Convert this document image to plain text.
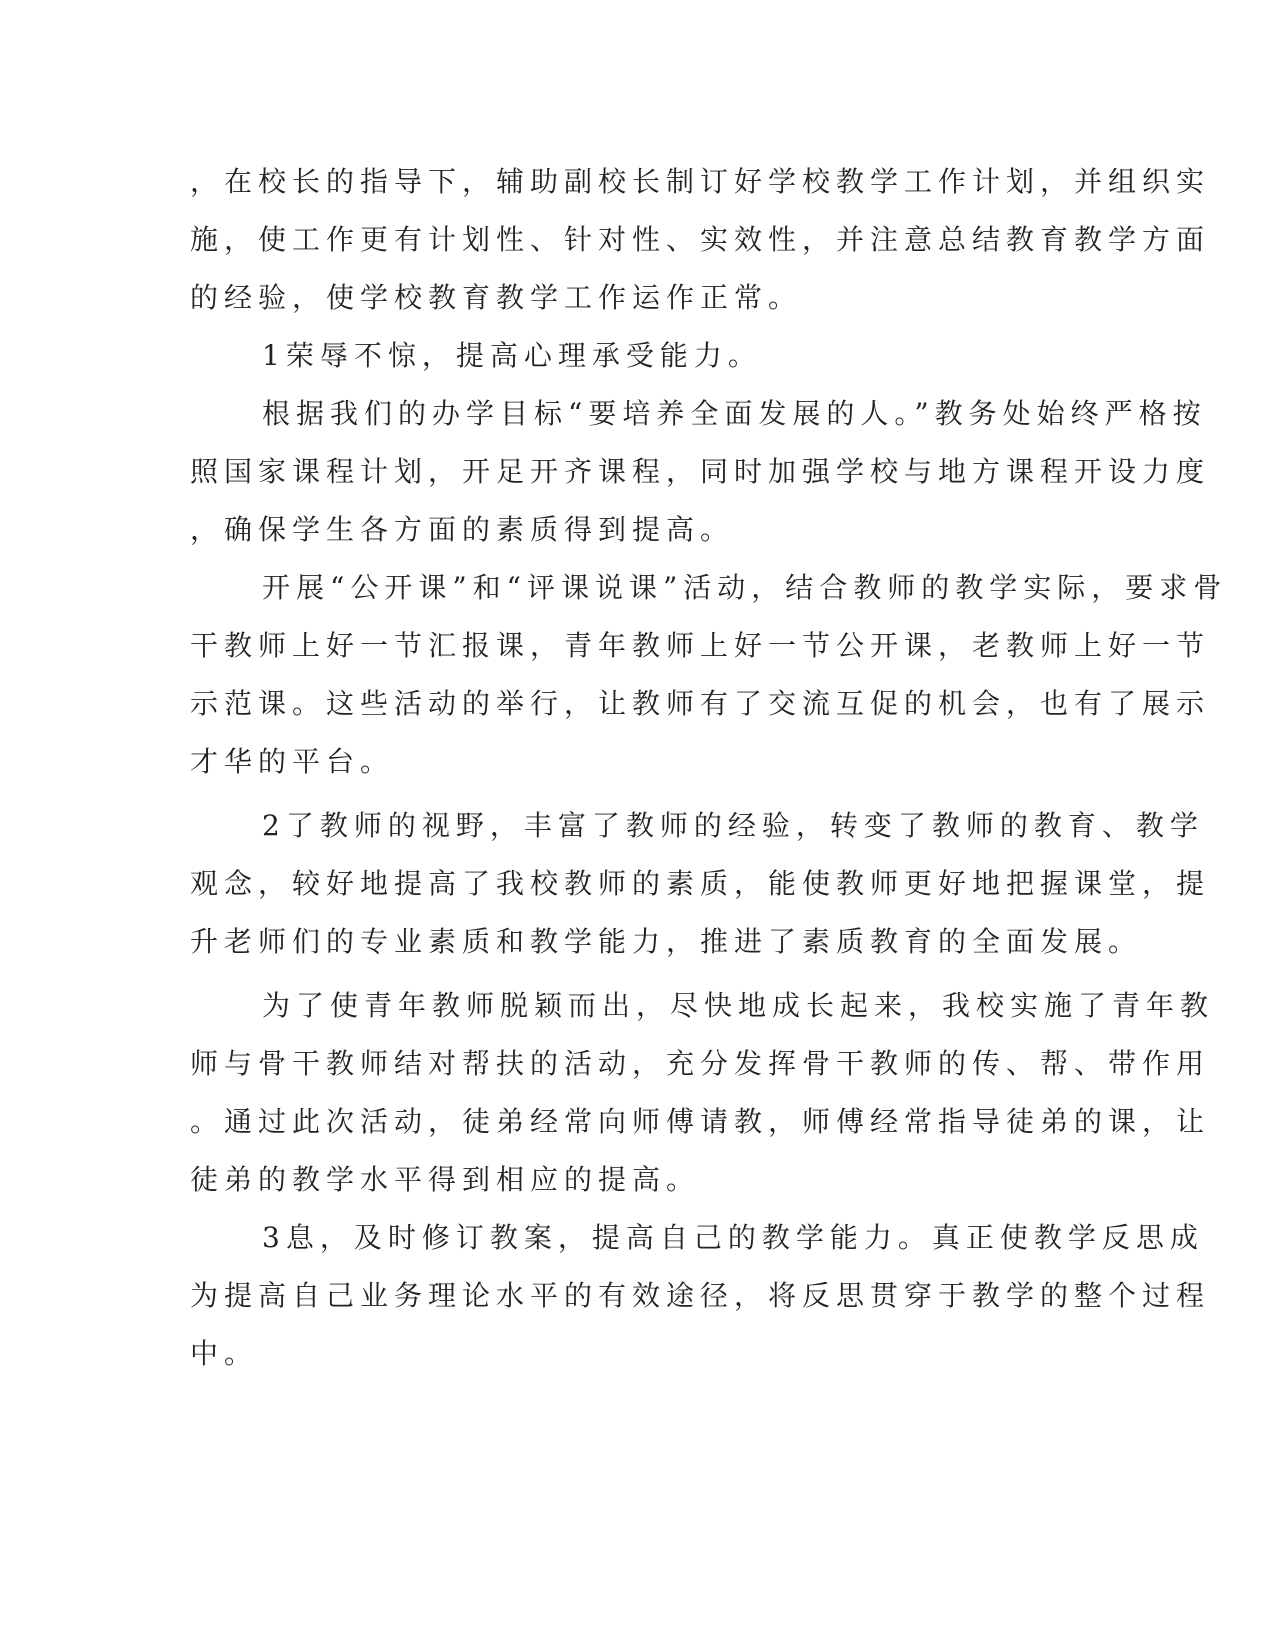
，在校长的指导下，辅助副校长制订好学校教学工作计划，并组织实

施，使工作更有计划性、针对性、实效性，并注意总结教育教学方面

的经验，使学校教育教学工作运作正常。

1荣辱不惊，提高心理承受能力。

根据我们的办学目标“要培养全面发展的人。”教务处始终严格按

照国家课程计划，开足开齐课程，同时加强学校与地方课程开设力度

，确保学生各方面的素质得到提高。

开展“公开课”和“评课说课”活动，结合教师的教学实际，要求骨

干教师上好一节汇报课，青年教师上好一节公开课，老教师上好一节

示范课。这些活动的举行，让教师有了交流互促的机会，也有了展示

才华的平台。

2了教师的视野，丰富了教师的经验，转变了教师的教育、教学

观念，较好地提高了我校教师的素质，能使教师更好地把握课堂，提

升老师们的专业素质和教学能力，推进了素质教育的全面发展。

为了使青年教师脱颖而出，尽快地成长起来，我校实施了青年教

师与骨干教师结对帮扶的活动，充分发挥骨干教师的传、帮、带作用

。通过此次活动，徒弟经常向师傅请教，师傅经常指导徒弟的课，让

徒弟的教学水平得到相应的提高。

3息，及时修订教案，提高自己的教学能力。真正使教学反思成

为提高自己业务理论水平的有效途径，将反思贯穿于教学的整个过程

中。
